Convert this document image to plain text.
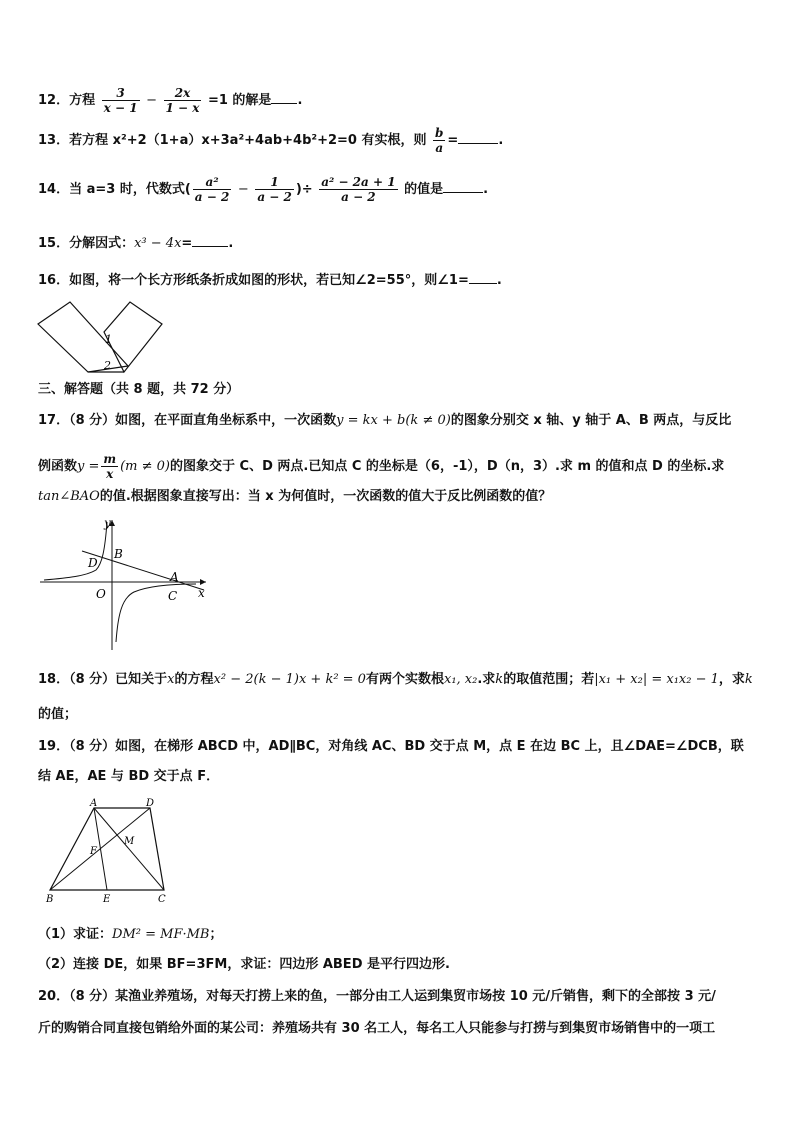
12．方程 $\frac{3}{x - 1} - \frac{2x}{1 - x} =1$ 的解是 .
13．若方程 x²+2（1+a）x+3a²+4ab+4b²+2=0 有实根，则 $\frac{b}{a}$ =	.
14．当 a=3 时，代数式( $\frac{\text{a²}}{a - 2} - \frac{1}{a - 2}$ )÷ $\frac{\text{a² − 2a + 1}}{a - 2}$ 的值是	.
15．分解因式：x³ − 4x=	.
16．如图，将一个长方形纸条折成如图的形状，若已知∠2=55°，则∠1= .
1
2
三、解答题（共 8 题，共 72 分）
17．（8 分）如图，在平面直角坐标系中，一次函数y = kx + b(k ≠ 0)的图象分别交 x 轴、y 轴于 A、B 两点，与反比
例函数$y = \frac{m}{x} (m \ne 0)$的图象交于 C、D 两点.已知点 C 的坐标是（6，-1），D（n，3）.求 m 的值和点 D 的坐标.求
tan∠BAO的值.根据图象直接写出：当 x 为何值时，一次函数的值大于反比例函数的值？
y
x
O
B
D
A
C
18．（8 分）已知关于x的方程x² − 2(k − 1)x + k² = 0有两个实数根x₁, x₂.求k的取值范围；若|x₁ + x₂| = x₁x₂ − 1，求k
的值；
19．（8 分）如图，在梯形 ABCD 中，AD∥BC，对角线 AC、BD 交于点 M，点 E 在边 BC 上，且∠DAE=∠DCB，联
结 AE，AE 与 BD 交于点 F．
A	D
B	E	C
F
M
（1）求证：DM² = MF·MB；
（2）连接 DE，如果 BF=3FM，求证：四边形 ABED 是平行四边形.
20．（8 分）某渔业养殖场，对每天打捞上来的鱼，一部分由工人运到集贸市场按 10 元/斤销售，剩下的全部按 3 元/
斤的购销合同直接包销给外面的某公司：养殖场共有 30 名工人，每名工人只能参与打捞与到集贸市场销售中的一项工
